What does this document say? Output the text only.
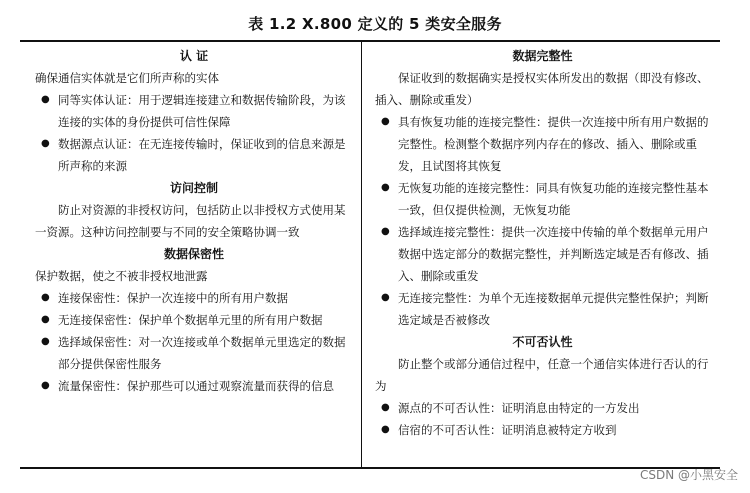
表 1.2 X.800 定义的 5 类安全服务
认 证

确保通信实体就是它们所声称的实体

● 同等实体认证：用于逻辑连接建立和数据传输阶段，为该连接的实体的身份提供可信性保障
● 数据源点认证：在无连接传输时，保证收到的信息来源是所声称的来源
访问控制

防止对资源的非授权访问，包括防止以非授权方式使用某一资源。这种访问控制要与不同的安全策略协调一致

数据保密性

保护数据，使之不被非授权地泄露

● 连接保密性：保护一次连接中的所有用户数据
● 无连接保密性：保护单个数据单元里的所有用户数据
● 选择域保密性：对一次连接或单个数据单元里选定的数据部分提供保密性服务
● 流量保密性：保护那些可以通过观察流量而获得的信息
数据完整性

保证收到的数据确实是授权实体所发出的数据（即没有修改、插入、删除或重发）

● 具有恢复功能的连接完整性：提供一次连接中所有用户数据的完整性。检测整个数据序列内存在的修改、插入、删除或重发，且试图将其恢复
● 无恢复功能的连接完整性：同具有恢复功能的连接完整性基本一致，但仅提供检测，无恢复功能
● 选择域连接完整性：提供一次连接中传输的单个数据单元用户数据中选定部分的数据完整性，并判断选定域是否有修改、插入、删除或重发
● 无连接完整性：为单个无连接数据单元提供完整性保护；判断选定域是否被修改
不可否认性

防止整个或部分通信过程中，任意一个通信实体进行否认的行为

● 源点的不可否认性：证明消息由特定的一方发出
● 信宿的不可否认性：证明消息被特定方收到
CSDN @小黑安全
